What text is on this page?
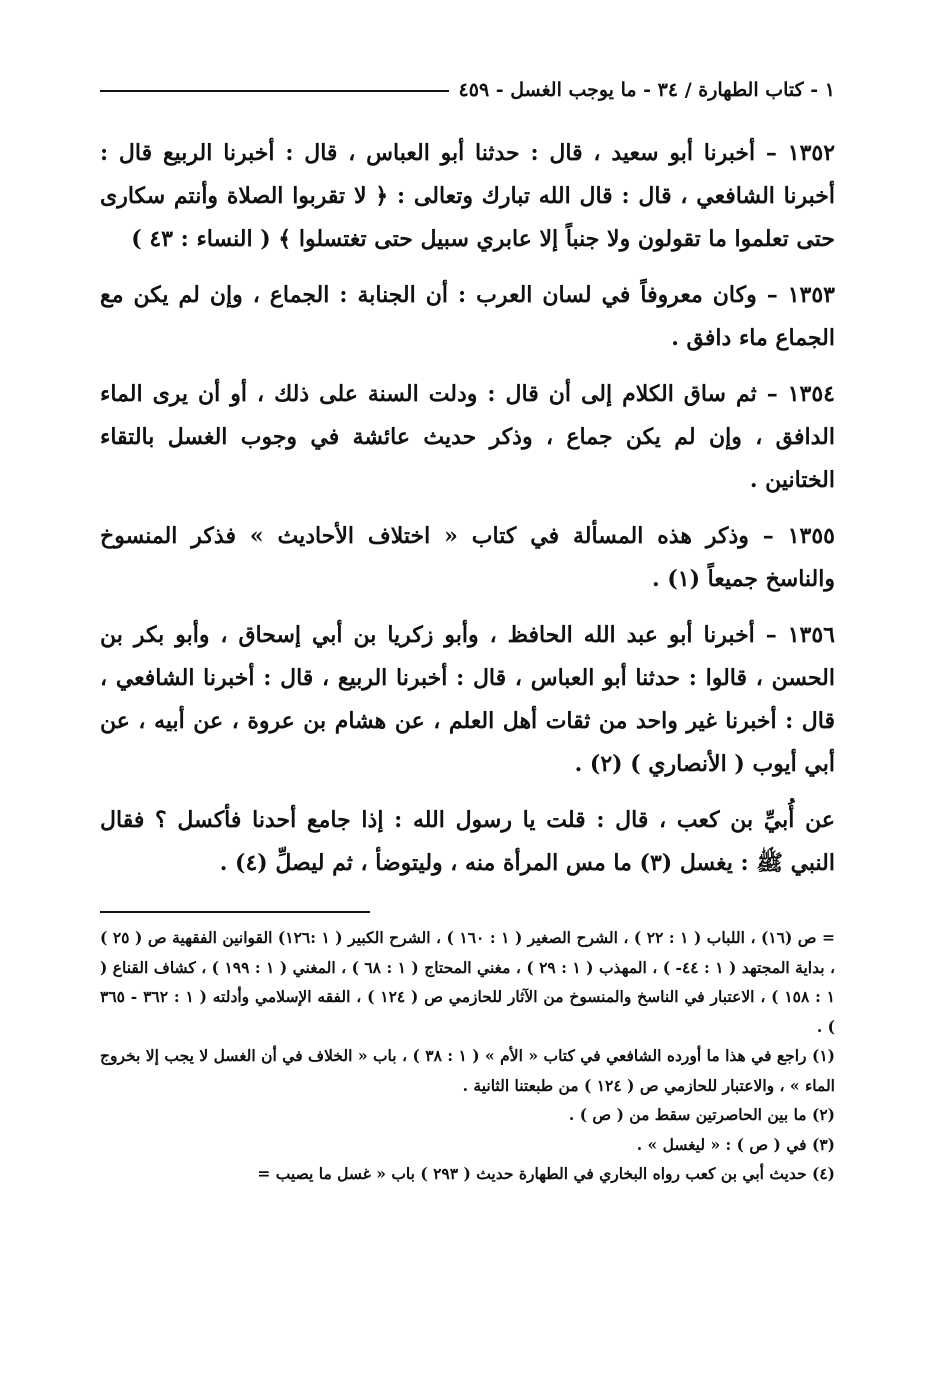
١ - كتاب الطهارة / ٣٤ - ما يوجب الغسل - ٤٥٩

١٣٥٢ – أخبرنا أبو سعيد ، قال : حدثنا أبو العباس ، قال : أخبرنا الربيع قال : أخبرنا الشافعي ، قال : قال الله تبارك وتعالى : ﴿ لا تقربوا الصلاة وأنتم سكارى حتى تعلموا ما تقولون ولا جنباً إلا عابري سبيل حتى تغتسلوا ﴾ ( النساء : ٤٣ )

١٣٥٣ – وكان معروفاً في لسان العرب : أن الجنابة : الجماع ، وإن لم يكن مع الجماع ماء دافق .

١٣٥٤ – ثم ساق الكلام إلى أن قال : ودلت السنة على ذلك ، أو أن يرى الماء الدافق ، وإن لم يكن جماع ، وذكر حديث عائشة في وجوب الغسل بالتقاء الختانين .

١٣٥٥ – وذكر هذه المسألة في كتاب « اختلاف الأحاديث » فذكر المنسوخ والناسخ جميعاً (١) .

١٣٥٦ – أخبرنا أبو عبد الله الحافظ ، وأبو زكريا بن أبي إسحاق ، وأبو بكر بن الحسن ، قالوا : حدثنا أبو العباس ، قال : أخبرنا الربيع ، قال : أخبرنا الشافعي ، قال : أخبرنا غير واحد من ثقات أهل العلم ، عن هشام بن عروة ، عن أبيه ، عن أبي أيوب ( الأنصاري ) (٢) .

عن أُبيِّ بن كعب ، قال : قلت يا رسول الله : إذا جامع أحدنا فأكسل ؟ فقال النبي ﷺ : يغسل (٣) ما مس المرأة منه ، وليتوضأ ، ثم ليصلِّ (٤) .

= ص (١٦) ، اللباب ( ١ : ٢٢ ) ، الشرح الصغير ( ١ : ١٦٠ ) ، الشرح الكبير ( ١ :١٢٦) القوانين الفقهية ص ( ٢٥ ) ، بداية المجتهد ( ١ : ٤٤- ) ، المهذب ( ١ : ٢٩ ) ، مغني المحتاج ( ١ : ٦٨ ) ، المغني ( ١ : ١٩٩ ) ، كشاف القناع ( ١ : ١٥٨ ) ، الاعتبار في الناسخ والمنسوخ من الآثار للحازمي ص ( ١٢٤ ) ، الفقه الإسلامي وأدلته ( ١ : ٣٦٢ - ٣٦٥ ) .

(١) راجع في هذا ما أورده الشافعي في كتاب « الأم » ( ١ : ٣٨ ) ، باب « الخلاف في أن الغسل لا يجب إلا بخروج الماء » ، والاعتبار للحازمي ص ( ١٢٤ ) من طبعتنا الثانية .

(٢) ما بين الحاصرتين سقط من ( ص ) .

(٣) في ( ص ) : « ليغسل » .

(٤) حديث أبي بن كعب رواه البخاري في الطهارة حديث ( ٢٩٣ ) باب « غسل ما يصيب =
